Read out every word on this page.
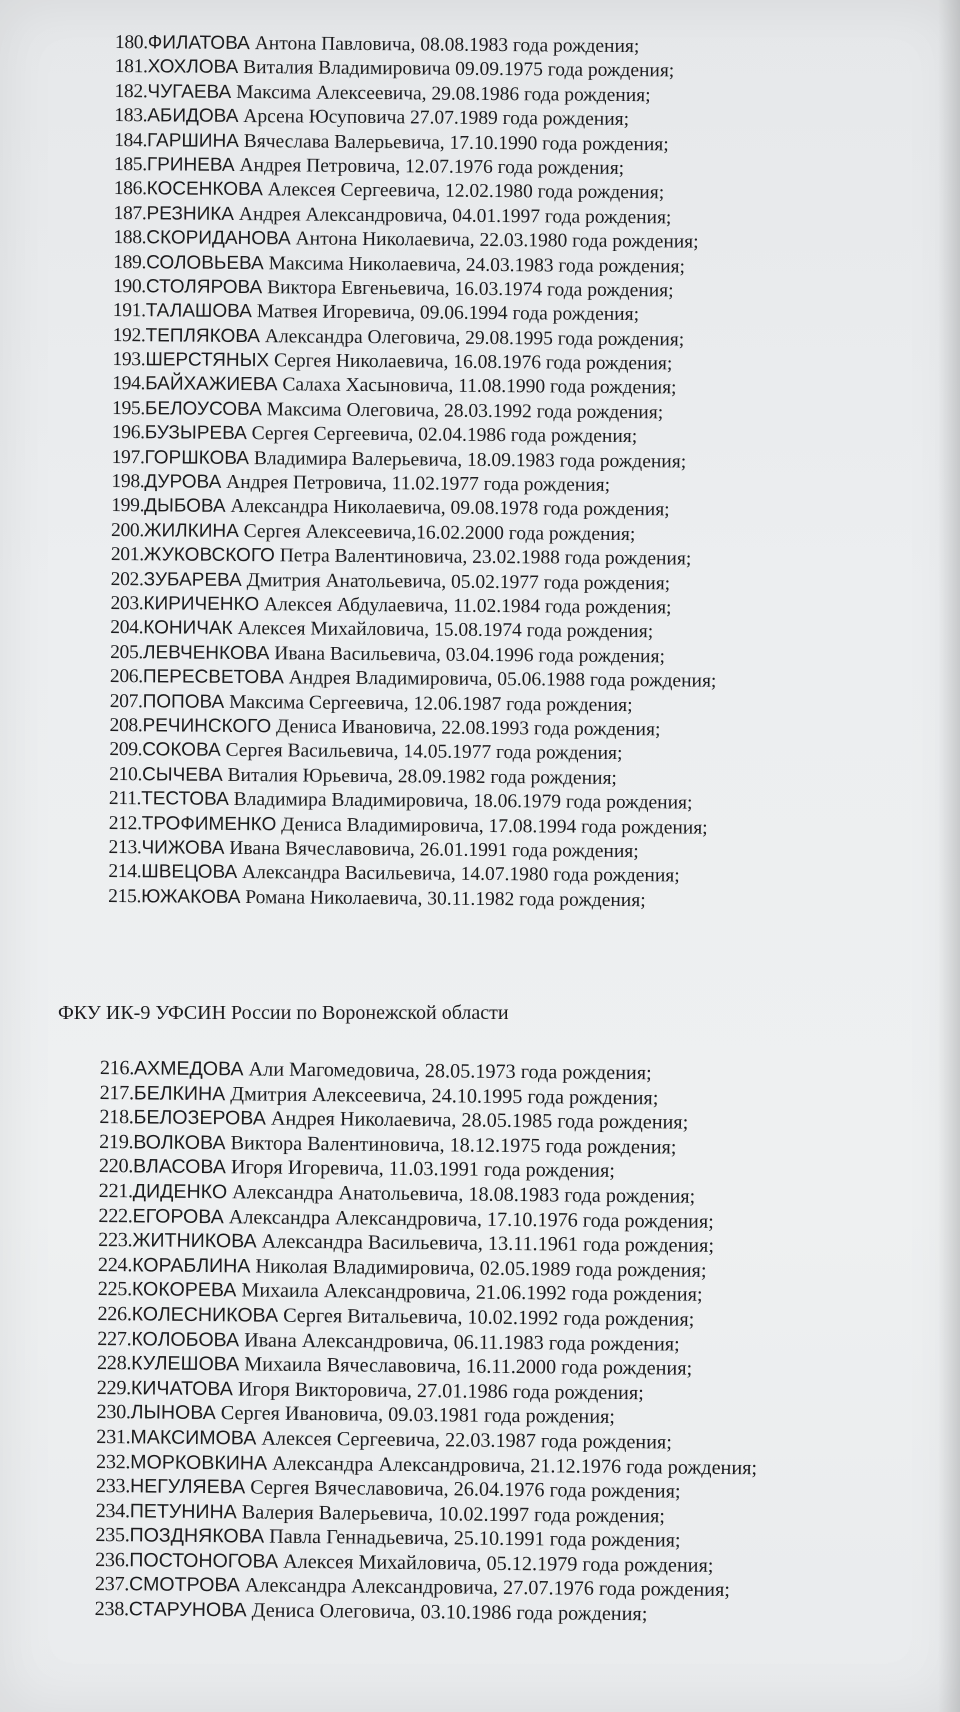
180.ФИЛАТОВА Антона Павловича, 08.08.1983 года рождения;
181.ХОХЛОВА Виталия Владимировича 09.09.1975 года рождения;
182.ЧУГАЕВА Максима Алексеевича, 29.08.1986 года рождения;
183.АБИДОВА Арсена Юсуповича 27.07.1989 года рождения;
184.ГАРШИНА Вячеслава Валерьевича, 17.10.1990 года рождения;
185.ГРИНЕВА Андрея Петровича, 12.07.1976 года рождения;
186.КОСЕНКОВА Алексея Сергеевича, 12.02.1980 года рождения;
187.РЕЗНИКА Андрея Александровича, 04.01.1997 года рождения;
188.СКОРИДАНОВА Антона Николаевича, 22.03.1980 года рождения;
189.СОЛОВЬЕВА Максима Николаевича, 24.03.1983 года рождения;
190.СТОЛЯРОВА Виктора Евгеньевича, 16.03.1974 года рождения;
191.ТАЛАШОВА Матвея Игоревича, 09.06.1994 года рождения;
192.ТЕПЛЯКОВА Александра Олеговича, 29.08.1995 года рождения;
193.ШЕРСТЯНЫХ Сергея Николаевича, 16.08.1976 года рождения;
194.БАЙХАЖИЕВА Салаха Хасыновича, 11.08.1990 года рождения;
195.БЕЛОУСОВА Максима Олеговича, 28.03.1992 года рождения;
196.БУЗЫРЕВА Сергея Сергеевича, 02.04.1986 года рождения;
197.ГОРШКОВА Владимира Валерьевича, 18.09.1983 года рождения;
198.ДУРОВА Андрея Петровича, 11.02.1977 года рождения;
199.ДЫБОВА Александра Николаевича, 09.08.1978 года рождения;
200.ЖИЛКИНА Сергея Алексеевича,16.02.2000 года рождения;
201.ЖУКОВСКОГО Петра Валентиновича, 23.02.1988 года рождения;
202.ЗУБАРЕВА Дмитрия Анатольевича, 05.02.1977 года рождения;
203.КИРИЧЕНКО Алексея Абдулаевича, 11.02.1984 года рождения;
204.КОНИЧАК Алексея Михайловича, 15.08.1974 года рождения;
205.ЛЕВЧЕНКОВА Ивана Васильевича, 03.04.1996 года рождения;
206.ПЕРЕСВЕТОВА Андрея Владимировича, 05.06.1988 года рождения;
207.ПОПОВА Максима Сергеевича, 12.06.1987 года рождения;
208.РЕЧИНСКОГО Дениса Ивановича, 22.08.1993 года рождения;
209.СОКОВА Сергея Васильевича, 14.05.1977 года рождения;
210.СЫЧЕВА Виталия Юрьевича, 28.09.1982 года рождения;
211.ТЕСТОВА Владимира Владимировича, 18.06.1979 года рождения;
212.ТРОФИМЕНКО Дениса Владимировича, 17.08.1994 года рождения;
213.ЧИЖОВА Ивана Вячеславовича, 26.01.1991 года рождения;
214.ШВЕЦОВА Александра Васильевича, 14.07.1980 года рождения;
215.ЮЖАКОВА Романа Николаевича, 30.11.1982 года рождения;
ФКУ ИК-9 УФСИН России по Воронежской области
216.АХМЕДОВА Али Магомедовича, 28.05.1973 года рождения;
217.БЕЛКИНА Дмитрия Алексеевича, 24.10.1995 года рождения;
218.БЕЛОЗЕРОВА Андрея Николаевича, 28.05.1985 года рождения;
219.ВОЛКОВА Виктора Валентиновича, 18.12.1975 года рождения;
220.ВЛАСОВА Игоря Игоревича, 11.03.1991 года рождения;
221.ДИДЕНКО Александра Анатольевича, 18.08.1983 года рождения;
222.ЕГОРОВА Александра Александровича, 17.10.1976 года рождения;
223.ЖИТНИКОВА Александра Васильевича, 13.11.1961 года рождения;
224.КОРАБЛИНА Николая Владимировича, 02.05.1989 года рождения;
225.КОКОРЕВА Михаила Александровича, 21.06.1992 года рождения;
226.КОЛЕСНИКОВА Сергея Витальевича, 10.02.1992 года рождения;
227.КОЛОБОВА Ивана Александровича, 06.11.1983 года рождения;
228.КУЛЕШОВА Михаила Вячеславовича, 16.11.2000 года рождения;
229.КИЧАТОВА Игоря Викторовича, 27.01.1986 года рождения;
230.ЛЫНОВА Сергея Ивановича, 09.03.1981 года рождения;
231.МАКСИМОВА Алексея Сергеевича, 22.03.1987 года рождения;
232.МОРКОВКИНА Александра Александровича, 21.12.1976 года рождения;
233.НЕГУЛЯЕВА Сергея Вячеславовича, 26.04.1976 года рождения;
234.ПЕТУНИНА Валерия Валерьевича, 10.02.1997 года рождения;
235.ПОЗДНЯКОВА Павла Геннадьевича, 25.10.1991 года рождения;
236.ПОСТОНОГОВА Алексея Михайловича, 05.12.1979 года рождения;
237.СМОТРОВА Александра Александровича, 27.07.1976 года рождения;
238.СТАРУНОВА Дениса Олеговича, 03.10.1986 года рождения;
